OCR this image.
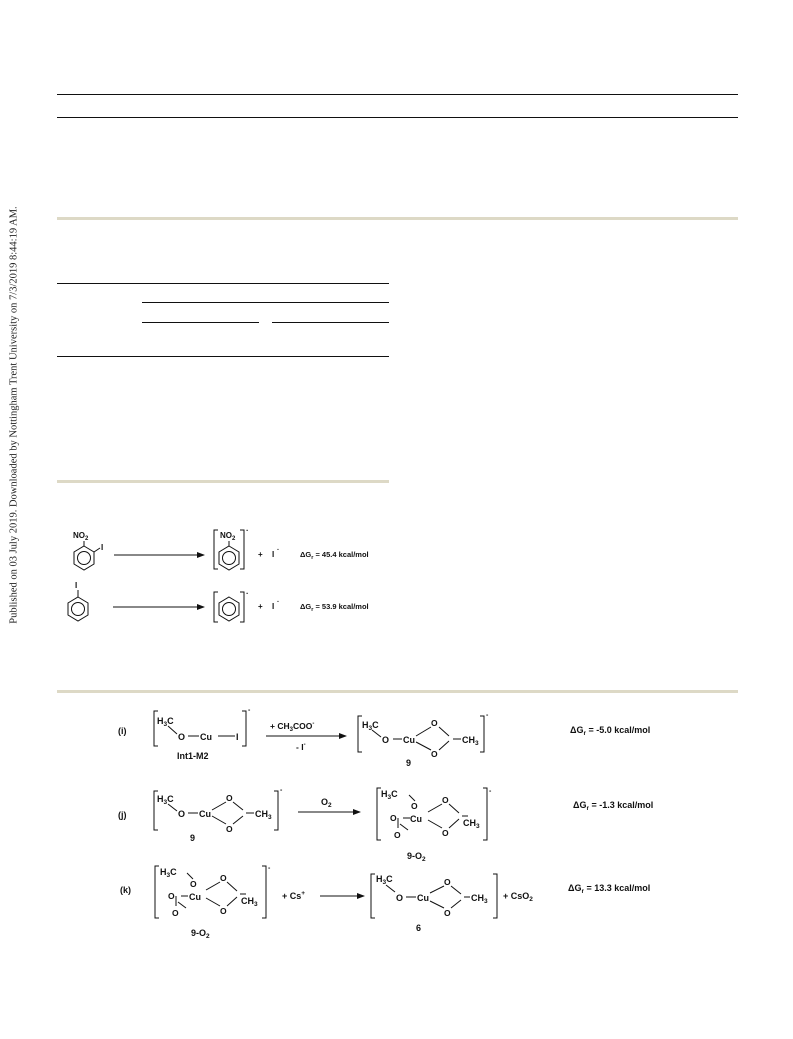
Published on 03 July 2019. Downloaded by Nottingham Trent University on 7/3/2019 8:44:19 AM.	$NO_2$
I
$NO_2$
·
+ I ·	$\Delta G_r = 45.4$ kcal/mol
I
·
+ I ·	$\Delta G_r = 53.9$ kcal/mol
(i)
$H_3C$
O Cu	I
-
Int1-M2
+ $CH_3COO^-$
- I-
$H_3C$
O Cu
O
O
$CH_3$
-
9
$\Delta G_r = -5.0$ kcal/mol
(j)
$H_3C$
O Cu
O
O
$CH_3$
-
9
$O_2$
$H_3C$
O
O
O
Cu
O
O
$CH_3$
-
$9-O_2$
$\Delta G_r = -1.3$ kcal/mol
(k)
$H_3C$
O
O
O
Cu
O
O
$CH_3$
-
$9-O_2$
+ Cs+
$H_3C$
O Cu
O
O
$CH_3$
6
+ CsO$_2$
$\Delta G_r = 13.3$ kcal/mol
